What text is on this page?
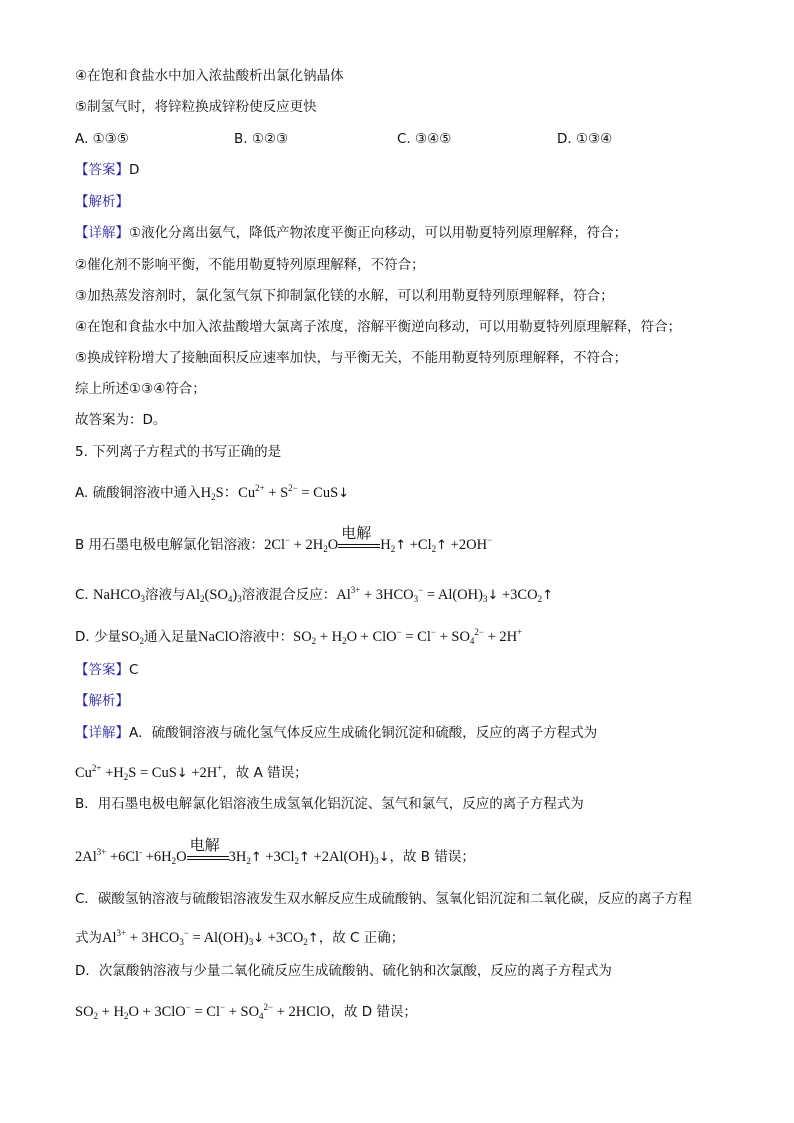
④在饱和食盐水中加入浓盐酸析出氯化钠晶体
⑤制氢气时，将锌粒换成锌粉使反应更快
A. ①③⑤	B. ①②③	C. ③④⑤	D. ①③④
【答案】D
【解析】
【详解】①液化分离出氨气，降低产物浓度平衡正向移动，可以用勒夏特列原理解释，符合；
②催化剂不影响平衡，不能用勒夏特列原理解释，不符合；
③加热蒸发溶剂时，氯化氢气氛下抑制氯化镁的水解，可以利用勒夏特列原理解释，符合；
④在饱和食盐水中加入浓盐酸增大氯离子浓度，溶解平衡逆向移动，可以用勒夏特列原理解释，符合；
⑤换成锌粉增大了接触面积反应速率加快，与平衡无关，不能用勒夏特列原理解释，不符合；
综上所述①③④符合；
故答案为：D。
5. 下列离子方程式的书写正确的是
A. 硫酸铜溶液中通入$H_2S$：$Cu^{2+} + S^{2-}$ = CuS↓
B 用石墨电极电解氯化铝溶液：$2Cl^- + 2H_2O$
电解
$H_2↑$ $+Cl_2↑ +2OH^-$
C. NaHCO$_3$溶液与$Al_2(SO_4)_3$溶液混合反应：$Al^{3+} + 3HCO_3^-$ = $Al(OH)_3↓$ $+3CO_2↑$
D. 少量$SO_2$通入足量NaClO溶液中：$SO_2 + H_2O + ClO^- = Cl^- + SO_4^{2-} + 2H^+$
【答案】C
【解析】
【详解】A．硫酸铜溶液与硫化氢气体反应生成硫化铜沉淀和硫酸，反应的离子方程式为
$Cu^{2+} +H_2S$ = CuS↓ +2H+，故 A 错误；
B．用石墨电极电解氯化铝溶液生成氢氧化铝沉淀、氢气和氯气，反应的离子方程式为
$2Al^{3+} +6Cl^- +6H_2O$
电解
$3H_2↑$ $+3Cl_2↑$ $+2Al(OH)_3↓$，故 B 错误；
C．碳酸氢钠溶液与硫酸铝溶液发生双水解反应生成硫酸钠、氢氧化铝沉淀和二氧化碳，反应的离子方程
式为$Al^{3+} + 3HCO_3^-$ = $Al(OH)_3↓$ $+3CO_2↑$，故 C 正确；
D．次氯酸钠溶液与少量二氧化硫反应生成硫酸钠、硫化钠和次氯酸，反应的离子方程式为
$SO_2 + H_2O + 3ClO^- = Cl^- + SO_4^{2-}$ + 2HClO，故 D 错误；
